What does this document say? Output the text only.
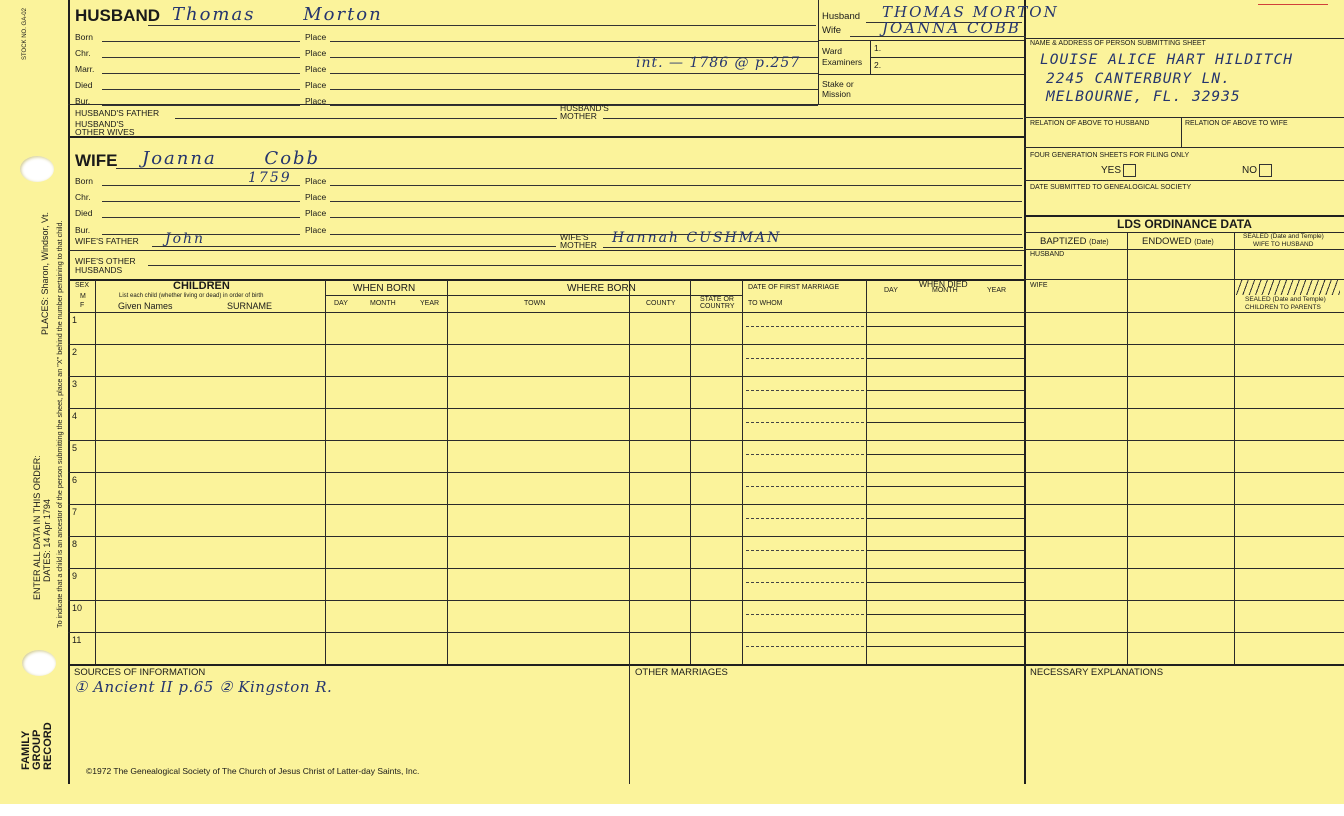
STOCK NO. GA-02
PLACES: Sharon, Windsor, Vt. To indicate that a child is an ancestor of the person submitting the sheet, place an "X" behind the number pertaining to that child.
ENTER ALL DATA IN THIS ORDER: DATES: 14 Apr 1794
FAMILY GROUP RECORD
HUSBAND Thomas Morton
Born	Place
Chr.	Place
Marr.	Place
Died	Place
Bur.	Place
int. — 1786 @ p.257
HUSBAND'S FATHER	HUSBAND'S
MOTHER
HUSBAND'S
OTHER WIVES
WIFE Joanna Cobb
Born	Place
Chr.	Place
Died	Place
Bur.	Place
1759
WIFE'S FATHER John	WIFE'S
MOTHER Hannah CUSHMAN
WIFE'S OTHER
HUSBANDS
Husband THOMAS MORTON
Wife	JOANNA COBB
Ward
Examiners
1.
2.
Stake or
Mission
NAME & ADDRESS OF PERSON SUBMITTING SHEET
LOUISE ALICE HART HILDITCH
2245 CANTERBURY LN.
MELBOURNE, FL. 32935
RELATION OF ABOVE TO HUSBAND	RELATION OF ABOVE TO WIFE
FOUR GENERATION SHEETS FOR FILING ONLY
YES	NO
DATE SUBMITTED TO GENEALOGICAL SOCIETY
LDS ORDINANCE DATA
BAPTIZED (Date)	ENDOWED (Date)
SEALED (Date and Temple)
WIFE TO HUSBAND
HUSBAND
WIFE
SEALED (Date and Temple)
CHILDREN TO PARENTS
SEX
M
F
CHILDREN
List each child (whether living or dead) in order of birth
Given Names	SURNAME
WHEN BORN
DAY	MONTH	YEAR
WHERE BORN
TOWN	COUNTY
STATE OR
COUNTRY
DATE OF FIRST MARRIAGE
TO WHOM
DAY
WHEN DIED
MONTH	YEAR
1
2
3
4
5
6
7
8
9
10
11
SOURCES OF INFORMATION
① Ancient II p.65 ② Kingston R.
OTHER MARRIAGES	NECESSARY EXPLANATIONS
©1972 The Genealogical Society of The Church of Jesus Christ of Latter-day Saints, Inc.
